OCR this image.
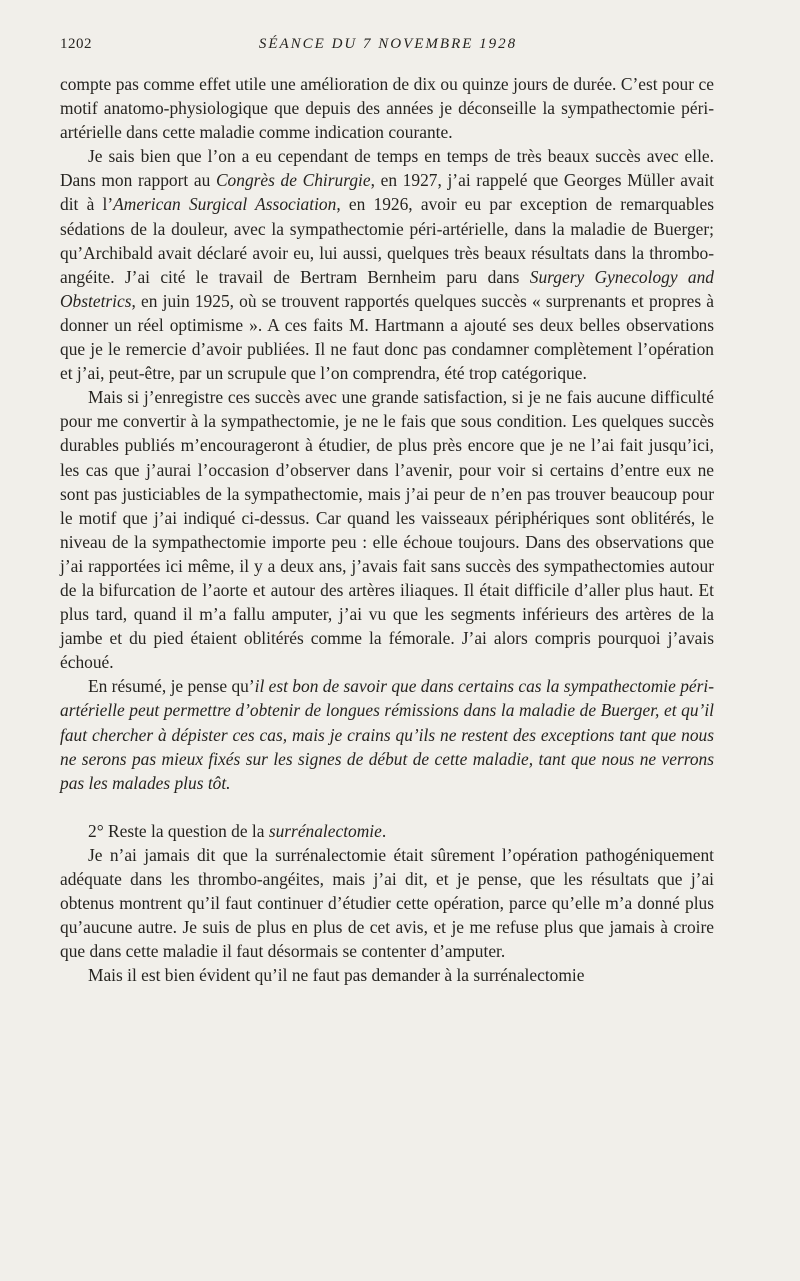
1202	SÉANCE DU 7 NOVEMBRE 1928

compte pas comme effet utile une amélioration de dix ou quinze jours de durée. C’est pour ce motif anatomo-physiologique que depuis des années je déconseille la sympathectomie péri-artérielle dans cette maladie comme indication courante.

Je sais bien que l’on a eu cependant de temps en temps de très beaux succès avec elle. Dans mon rapport au Congrès de Chirurgie, en 1927, j’ai rappelé que Georges Müller avait dit à l’American Surgical Association, en 1926, avoir eu par exception de remarquables sédations de la douleur, avec la sympathectomie péri-artérielle, dans la maladie de Buerger; qu’Archibald avait déclaré avoir eu, lui aussi, quelques très beaux résultats dans la thrombo-angéite. J’ai cité le travail de Bertram Bernheim paru dans Surgery Gynecology and Obstetrics, en juin 1925, où se trouvent rapportés quelques succès « surprenants et propres à donner un réel optimisme ». A ces faits M. Hartmann a ajouté ses deux belles observations que je le remercie d’avoir publiées. Il ne faut donc pas condamner complètement l’opération et j’ai, peut-être, par un scrupule que l’on comprendra, été trop catégorique.

Mais si j’enregistre ces succès avec une grande satisfaction, si je ne fais aucune difficulté pour me convertir à la sympathectomie, je ne le fais que sous condition. Les quelques succès durables publiés m’encourageront à étudier, de plus près encore que je ne l’ai fait jusqu’ici, les cas que j’aurai l’occasion d’observer dans l’avenir, pour voir si certains d’entre eux ne sont pas justiciables de la sympathectomie, mais j’ai peur de n’en pas trouver beaucoup pour le motif que j’ai indiqué ci-dessus. Car quand les vaisseaux périphériques sont oblitérés, le niveau de la sympathectomie importe peu : elle échoue toujours. Dans des observations que j’ai rapportées ici même, il y a deux ans, j’avais fait sans succès des sympathectomies autour de la bifurcation de l’aorte et autour des artères iliaques. Il était difficile d’aller plus haut. Et plus tard, quand il m’a fallu amputer, j’ai vu que les segments inférieurs des artères de la jambe et du pied étaient oblitérés comme la fémorale. J’ai alors compris pourquoi j’avais échoué.

En résumé, je pense qu’il est bon de savoir que dans certains cas la sympathectomie péri-artérielle peut permettre d’obtenir de longues rémissions dans la maladie de Buerger, et qu’il faut chercher à dépister ces cas, mais je crains qu’ils ne restent des exceptions tant que nous ne serons pas mieux fixés sur les signes de début de cette maladie, tant que nous ne verrons pas les malades plus tôt.

2° Reste la question de la surrénalectomie.

Je n’ai jamais dit que la surrénalectomie était sûrement l’opération pathogéniquement adéquate dans les thrombo-angéites, mais j’ai dit, et je pense, que les résultats que j’ai obtenus montrent qu’il faut continuer d’étudier cette opération, parce qu’elle m’a donné plus qu’aucune autre. Je suis de plus en plus de cet avis, et je me refuse plus que jamais à croire que dans cette maladie il faut désormais se contenter d’amputer.

Mais il est bien évident qu’il ne faut pas demander à la surrénalectomie
